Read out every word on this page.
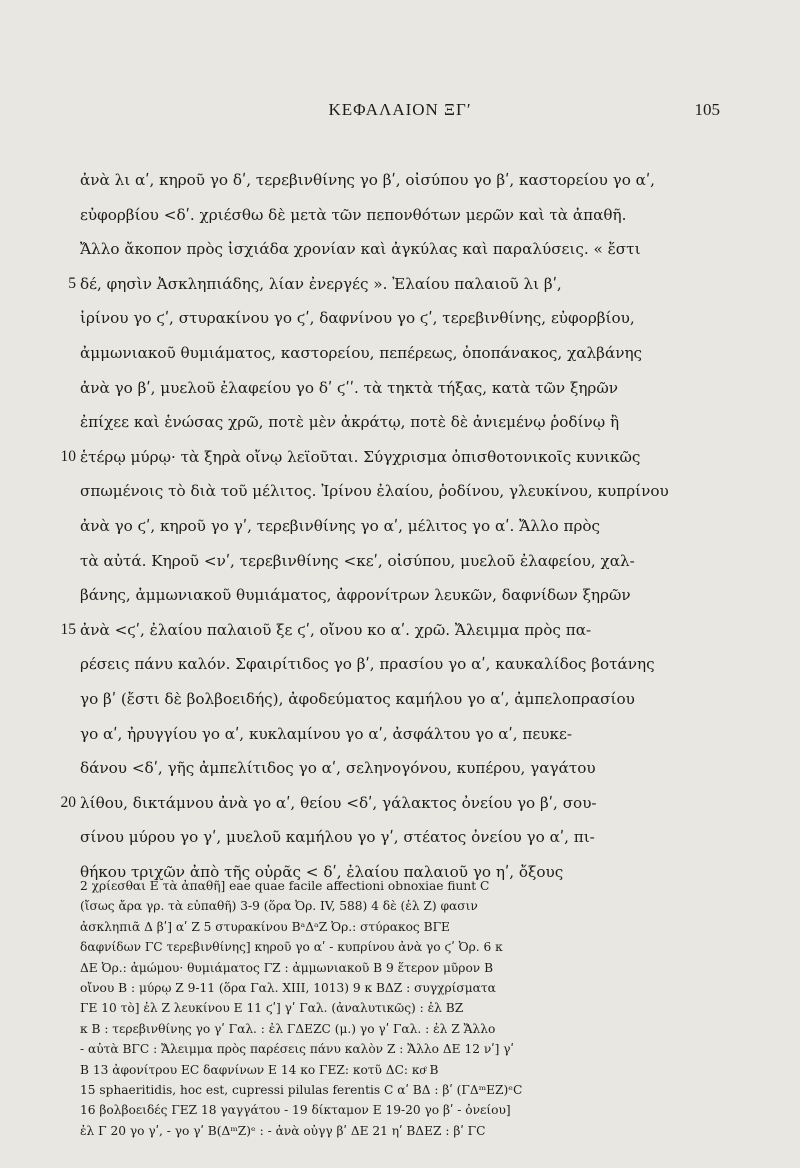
ΚΕΦΑΛΑΙΟΝ ΞΓʹ	105
ἀνὰ λι αʹ, κηροῦ γο δʹ, τερεβινθίνης γο βʹ, οἰσύπου γο βʹ, καστορείου γο αʹ,
εὐφορβίου <δʹ. χριέσθω δὲ μετὰ τῶν πεπονθότων μερῶν καὶ τὰ ἀπαθῆ.
Ἄλλο ἄκοπον πρὸς ἰσχιάδα χρονίαν καὶ ἀγκύλας καὶ παραλύσεις. « ἔστι
5 δέ, φησὶν Ἀσκληπιάδης, λίαν ἐνεργές ». Ἐλαίου παλαιοῦ λι βʹ,
ἰρίνου γο ϛʹ, στυρακίνου γο ϛʹ, δαφνίνου γο ϛʹ, τερεβινθίνης, εὐφορβίου,
ἀμμωνιακοῦ θυμιάματος, καστορείου, πεπέρεως, ὀποπάνακος, χαλβάνης
ἀνὰ γο βʹ, μυελοῦ ἐλαφείου γο δʹ ϛʹʹ. τὰ τηκτὰ τήξας, κατὰ τῶν ξηρῶν
ἐπίχεε καὶ ἑνώσας χρῶ, ποτὲ μὲν ἀκράτῳ, ποτὲ δὲ ἀνιεμένῳ ῥοδίνῳ ἢ
10 ἑτέρῳ μύρῳ· τὰ ξηρὰ οἴνῳ λεϊοῦται. Σύγχρισμα ὀπισθοτονικοῖς κυνικῶς
σπωμένοις τὸ διὰ τοῦ μέλιτος. Ἰρίνου ἐλαίου, ῥοδίνου, γλευκίνου, κυπρίνου
ἀνὰ γο ϛʹ, κηροῦ γο γʹ, τερεβινθίνης γο αʹ, μέλιτος γο αʹ. Ἄλλο πρὸς
τὰ αὐτά. Κηροῦ <νʹ, τερεβινθίνης <κεʹ, οἰσύπου, μυελοῦ ἐλαφείου, χαλ-
βάνης, ἀμμωνιακοῦ θυμιάματος, ἀφρονίτρων λευκῶν, δαφνίδων ξηρῶν
15 ἀνὰ <ϛʹ, ἐλαίου παλαιοῦ ξε ϛʹ, οἴνου κο αʹ. χρῶ. Ἄλειμμα πρὸς πα-
ρέσεις πάνυ καλόν. Σφαιρίτιδος γο βʹ, πρασίου γο αʹ, καυκαλίδος βοτάνης
γο βʹ (ἔστι δὲ βολβοειδής), ἀφοδεύματος καμήλου γο αʹ, ἀμπελοπρασίου
γο αʹ, ἠρυγγίου γο αʹ, κυκλαμίνου γο αʹ, ἀσφάλτου γο αʹ, πευκε-
δάνου <δʹ, γῆς ἀμπελίτιδος γο αʹ, σεληνογόνου, κυπέρου, γαγάτου
20 λίθου, δικτάμνου ἀνὰ γο αʹ, θείου <δʹ, γάλακτος ὀνείου γο βʹ, σου-
σίνου μύρου γο γʹ, μυελοῦ καμήλου γο γʹ, στέατος ὀνείου γο αʹ, πι-
θήκου τριχῶν ἀπὸ τῆς οὐρᾶς < δʹ, ἐλαίου παλαιοῦ γο ηʹ, ὄξους
2 χρίεσθαι Ε τὰ ἀπαθῆ] eae quae facile affectioni obnoxiae fiunt C
(ἴσως ἄρα γρ. τὰ εὐπαθῆ) 3-9 (ὅρα Ὀρ. IV, 588) 4 δὲ (ἐλ Ζ) φασιν
ἀσκληπιᾶ Δ βʹ] αʹ Ζ 5 στυρακίνου ΒᵃΔᵃΖ Ὀρ.: στύρακος ΒΓΕ
δαφνίδων ΓC τερεβινθίνης] κηροῦ γο αʹ - κυπρίνου ἀνὰ γο ϛʹ Ὀρ. 6 κ
ΔΕ Ὀρ.: ἀμώμου· θυμιάματος ΓΖ : ἀμμωνιακοῦ Β 9 ἕτερον μῦρον Β
οἴνου Β : μύρῳ Ζ 9-11 (ὅρα Γαλ. XIII, 1013) 9 κ ΒΔΖ : συγχρίσματα
ΓΕ 10 τὸ] ἐλ Ζ λευκίνου Ε 11 ϛʹ] γʹ Γαλ. (ἀναλυτικῶς) : ἐλ ΒΖ
κ Β : τερεβινθίνης γο γʹ Γαλ. : ἐλ ΓΔΕΖC (μ.) γο γʹ Γαλ. : ἐλ Ζ Ἄλλο
- αὐτὰ ΒΓC : Ἄλειμμα πρὸς παρέσεις πάνυ καλὸν Ζ : Ἄλλο ΔΕ 12 νʹ] γʹ
Β 13 ἀφονίτρου ΕC δαφνίνων Ε 14 κο ΓΕΖ: κοτῦ ΔC: κοͤ Β
15 sphaeritidis, hoc est, cupressi pilulas ferentis C αʹ ΒΔ : βʹ (ΓΔᵐΕΖ)ᵉC
16 βολβοειδές ΓΕΖ 18 γαγγάτου - 19 δίκταμον Ε 19-20 γο βʹ - ὀνείου]
ἐλ Γ 20 γο γʹ, - γο γʹ Β(ΔᵐΖ)ᵉ : - ἀνὰ οὐγγ βʹ ΔΕ 21 ηʹ ΒΔΕΖ : βʹ ΓC
